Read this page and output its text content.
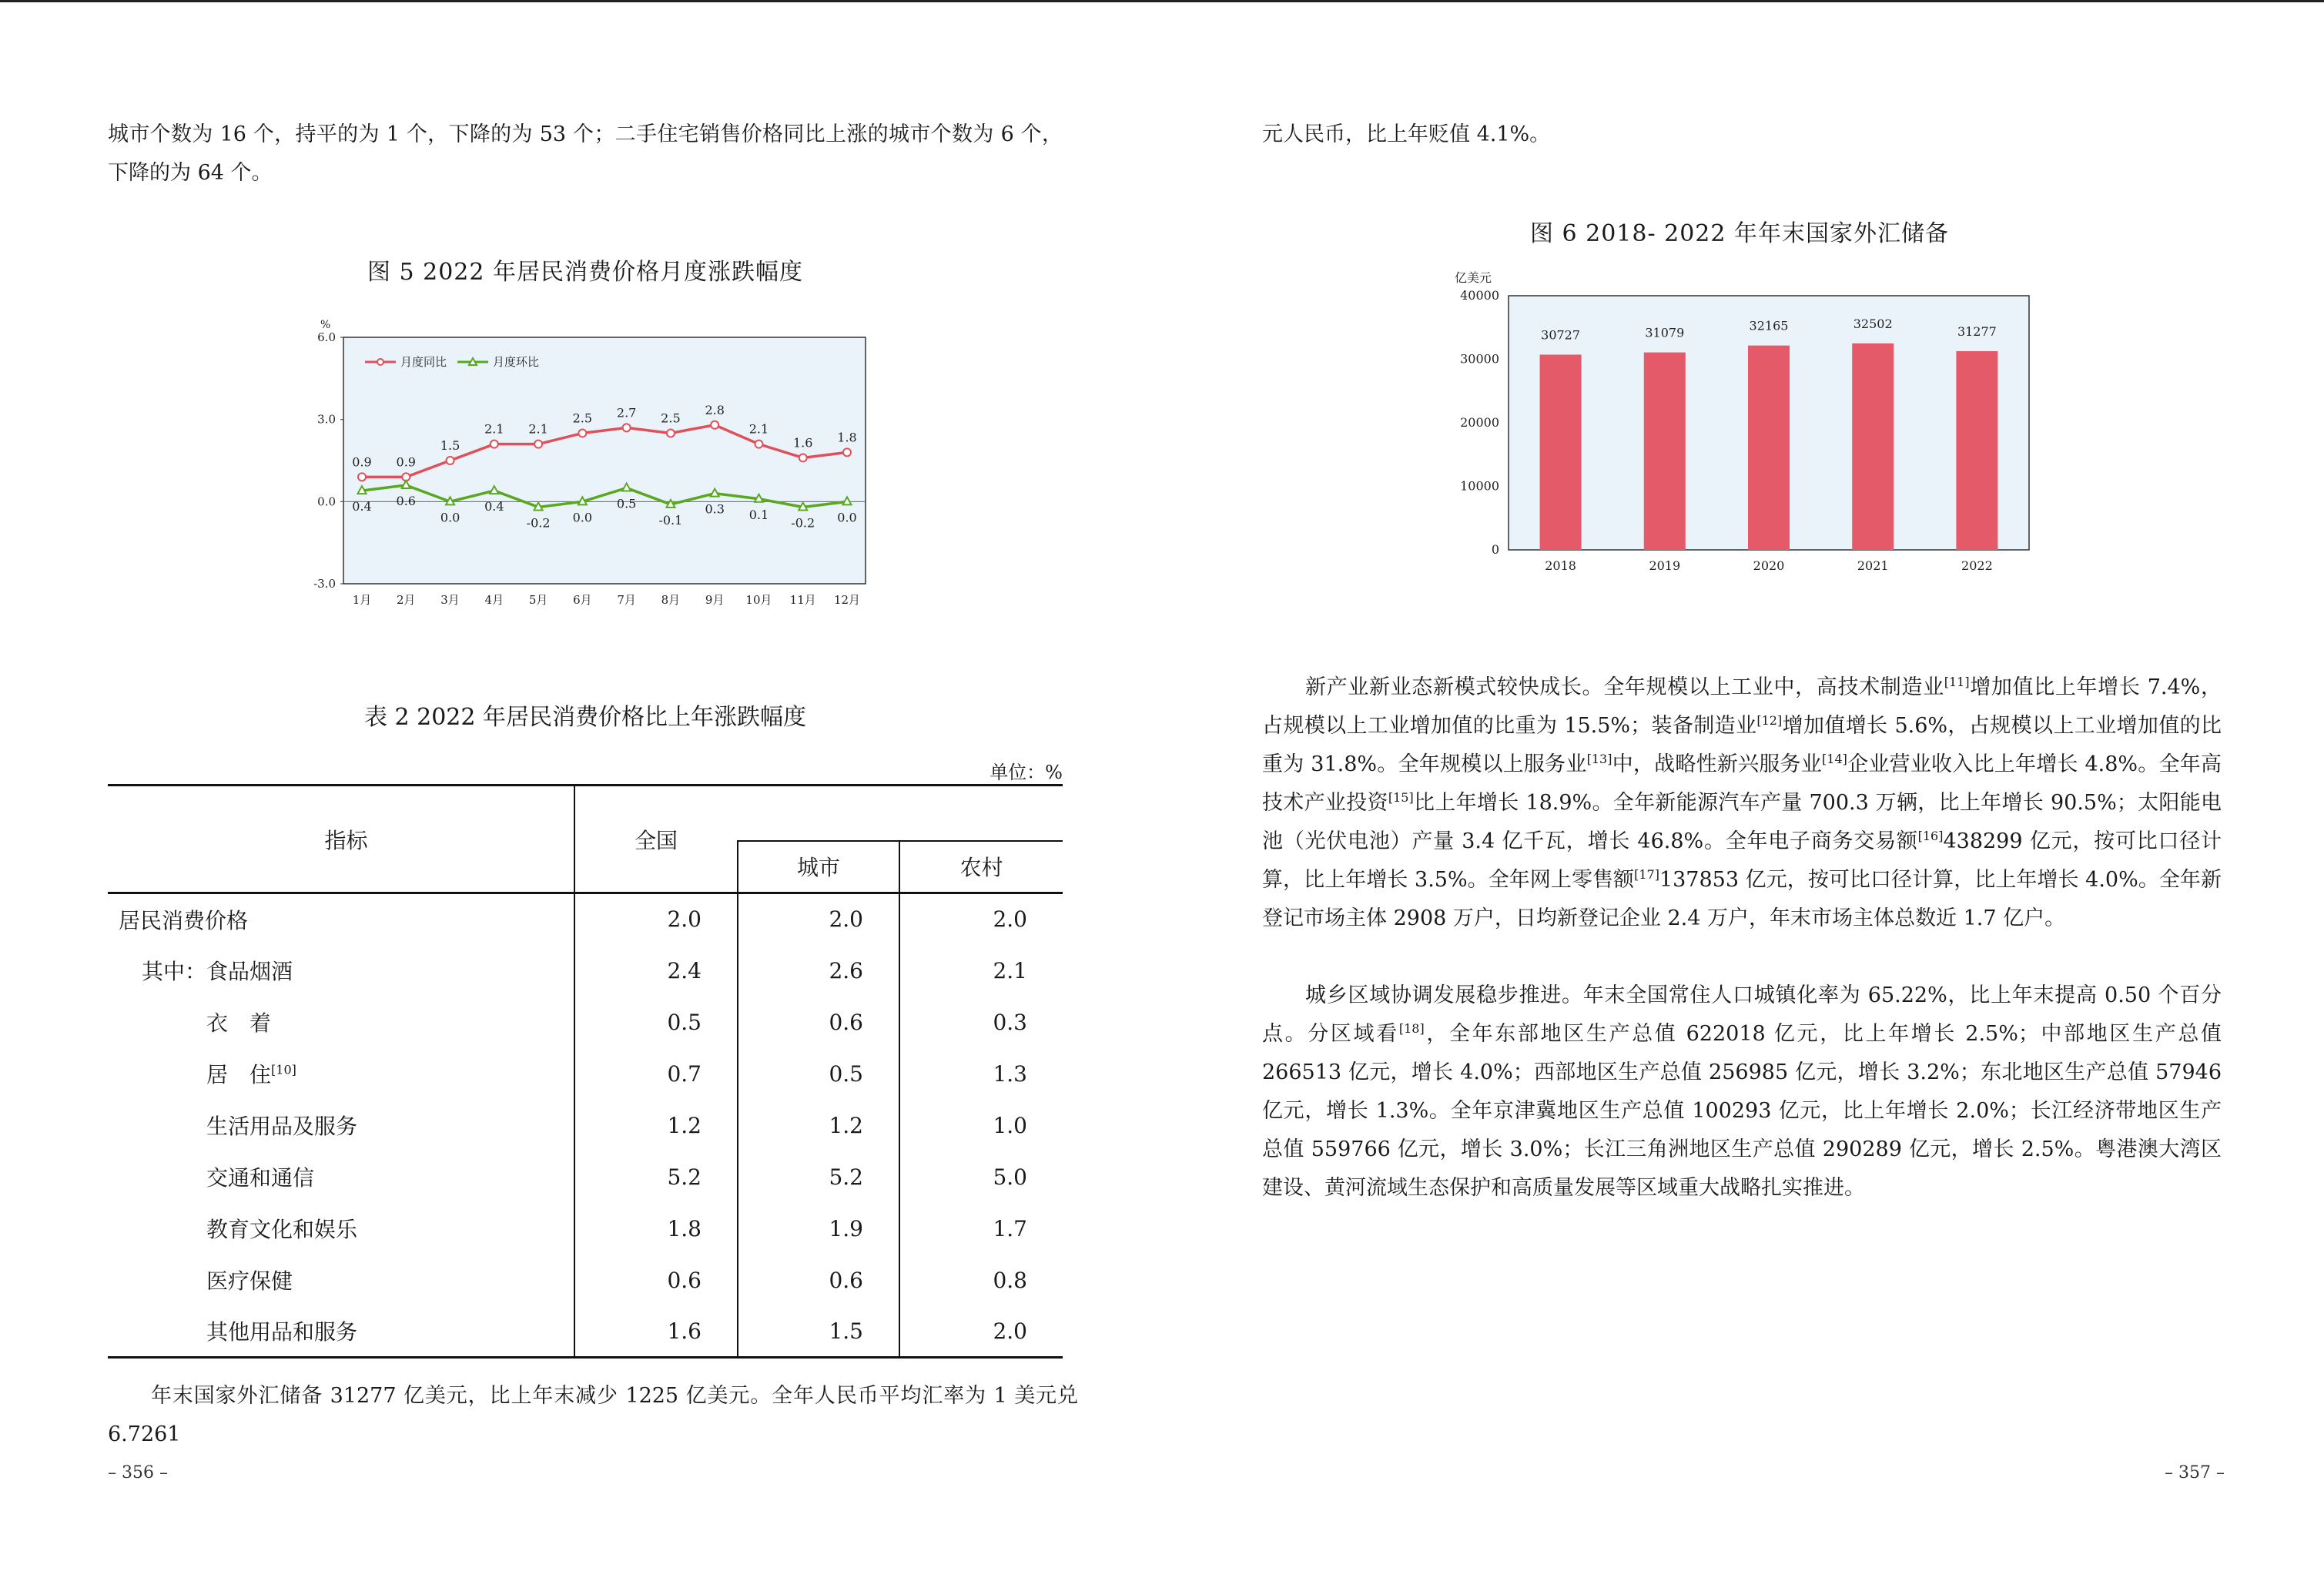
城市个数为 16 个，持平的为 1 个，下降的为 53 个；二手住宅销售价格同比上涨的城市个数为 6 个，下降的为 64 个。

图 5 2022 年居民消费价格月度涨跌幅度
%
6.0
3.0
0.0
-3.0
1月 2月 3月 4月 5月 6月 7月 8月 9月 10月 11月 12月
月度同比
0.9 0.9
1.5
2.1 2.1
2.5 2.7 2.5
2.8
2.1
1.6 1.8
月度环比
0.4 0.6
0.0
0.4
-0.2 0.0
0.5
-0.1
0.3 0.1
-0.2 0.0
表 2 2022 年居民消费价格比上年涨跌幅度
单位：%
指标	全国		
		城市	农村
居民消费价格	2.0	2.0	2.0
其中：食品烟酒	2.4	2.6	2.1
衣　着	0.5	0.6	0.3
居　住[10]	0.7	0.5	1.3
生活用品及服务	1.2	1.2	1.0
交通和通信	5.2	5.2	5.0
教育文化和娱乐	1.8	1.9	1.7
医疗保健	0.6	0.6	0.8
其他用品和服务	1.6	1.5	2.0

年末国家外汇储备 31277 亿美元，比上年末减少 1225 亿美元。全年人民币平均汇率为 1 美元兑 6.7261

– 356 –

元人民币，比上年贬值 4.1%。

图 6 2018- 2022 年年末国家外汇储备
亿美元
40000
30000
20000
10000
0
30727
2018
31079
2019
32165
2020
32502
2021
31277
2022

新产业新业态新模式较快成长。全年规模以上工业中，高技术制造业[11]增加值比上年增长 7.4%，占规模以上工业增加值的比重为 15.5%；装备制造业[12]增加值增长 5.6%，占规模以上工业增加值的比重为 31.8%。全年规模以上服务业[13]中，战略性新兴服务业[14]企业营业收入比上年增长 4.8%。全年高技术产业投资[15]比上年增长 18.9%。全年新能源汽车产量 700.3 万辆，比上年增长 90.5%；太阳能电池（光伏电池）产量 3.4 亿千瓦，增长 46.8%。全年电子商务交易额[16]438299 亿元，按可比口径计算，比上年增长 3.5%。全年网上零售额[17]137853 亿元，按可比口径计算，比上年增长 4.0%。全年新登记市场主体 2908 万户，日均新登记企业 2.4 万户，年末市场主体总数近 1.7 亿户。

城乡区域协调发展稳步推进。年末全国常住人口城镇化率为 65.22%，比上年末提高 0.50 个百分点。分区域看[18]，全年东部地区生产总值 622018 亿元，比上年增长 2.5%；中部地区生产总值 266513 亿元，增长 4.0%；西部地区生产总值 256985 亿元，增长 3.2%；东北地区生产总值 57946 亿元，增长 1.3%。全年京津冀地区生产总值 100293 亿元，比上年增长 2.0%；长江经济带地区生产总值 559766 亿元，增长 3.0%；长江三角洲地区生产总值 290289 亿元，增长 2.5%。粤港澳大湾区建设、黄河流域生态保护和高质量发展等区域重大战略扎实推进。

– 357 –
